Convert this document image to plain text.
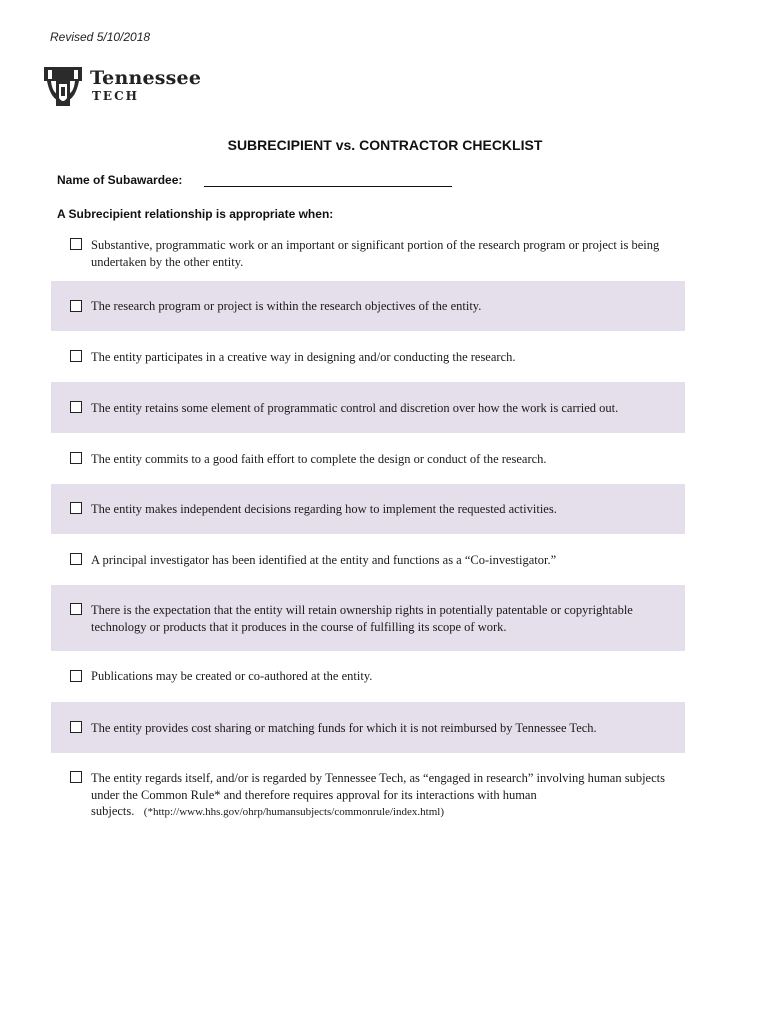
Revised 5/10/2018
Tennessee
TECH
SUBRECIPIENT vs. CONTRACTOR CHECKLIST
Name of Subawardee:
A Subrecipient relationship is appropriate when:
Substantive, programmatic work or an important or significant portion of the research program or project is being undertaken by the other entity.
The research program or project is within the research objectives of the entity.
The entity participates in a creative way in designing and/or conducting the research.
The entity retains some element of programmatic control and discretion over how the work is carried out.
The entity commits to a good faith effort to complete the design or conduct of the research.
The entity makes independent decisions regarding how to implement the requested activities.
A principal investigator has been identified at the entity and functions as a “Co-investigator.”
There is the expectation that the entity will retain ownership rights in potentially patentable or copyrightable technology or products that it produces in the course of fulfilling its scope of work.
Publications may be created or co-authored at the entity.
The entity provides cost sharing or matching funds for which it is not reimbursed by Tennessee Tech.
The entity regards itself, and/or is regarded by Tennessee Tech, as “engaged in research” involving human subjects under the Common Rule* and therefore requires approval for its interactions with human subjects. (*http://www.hhs.gov/ohrp/humansubjects/commonrule/index.html)
